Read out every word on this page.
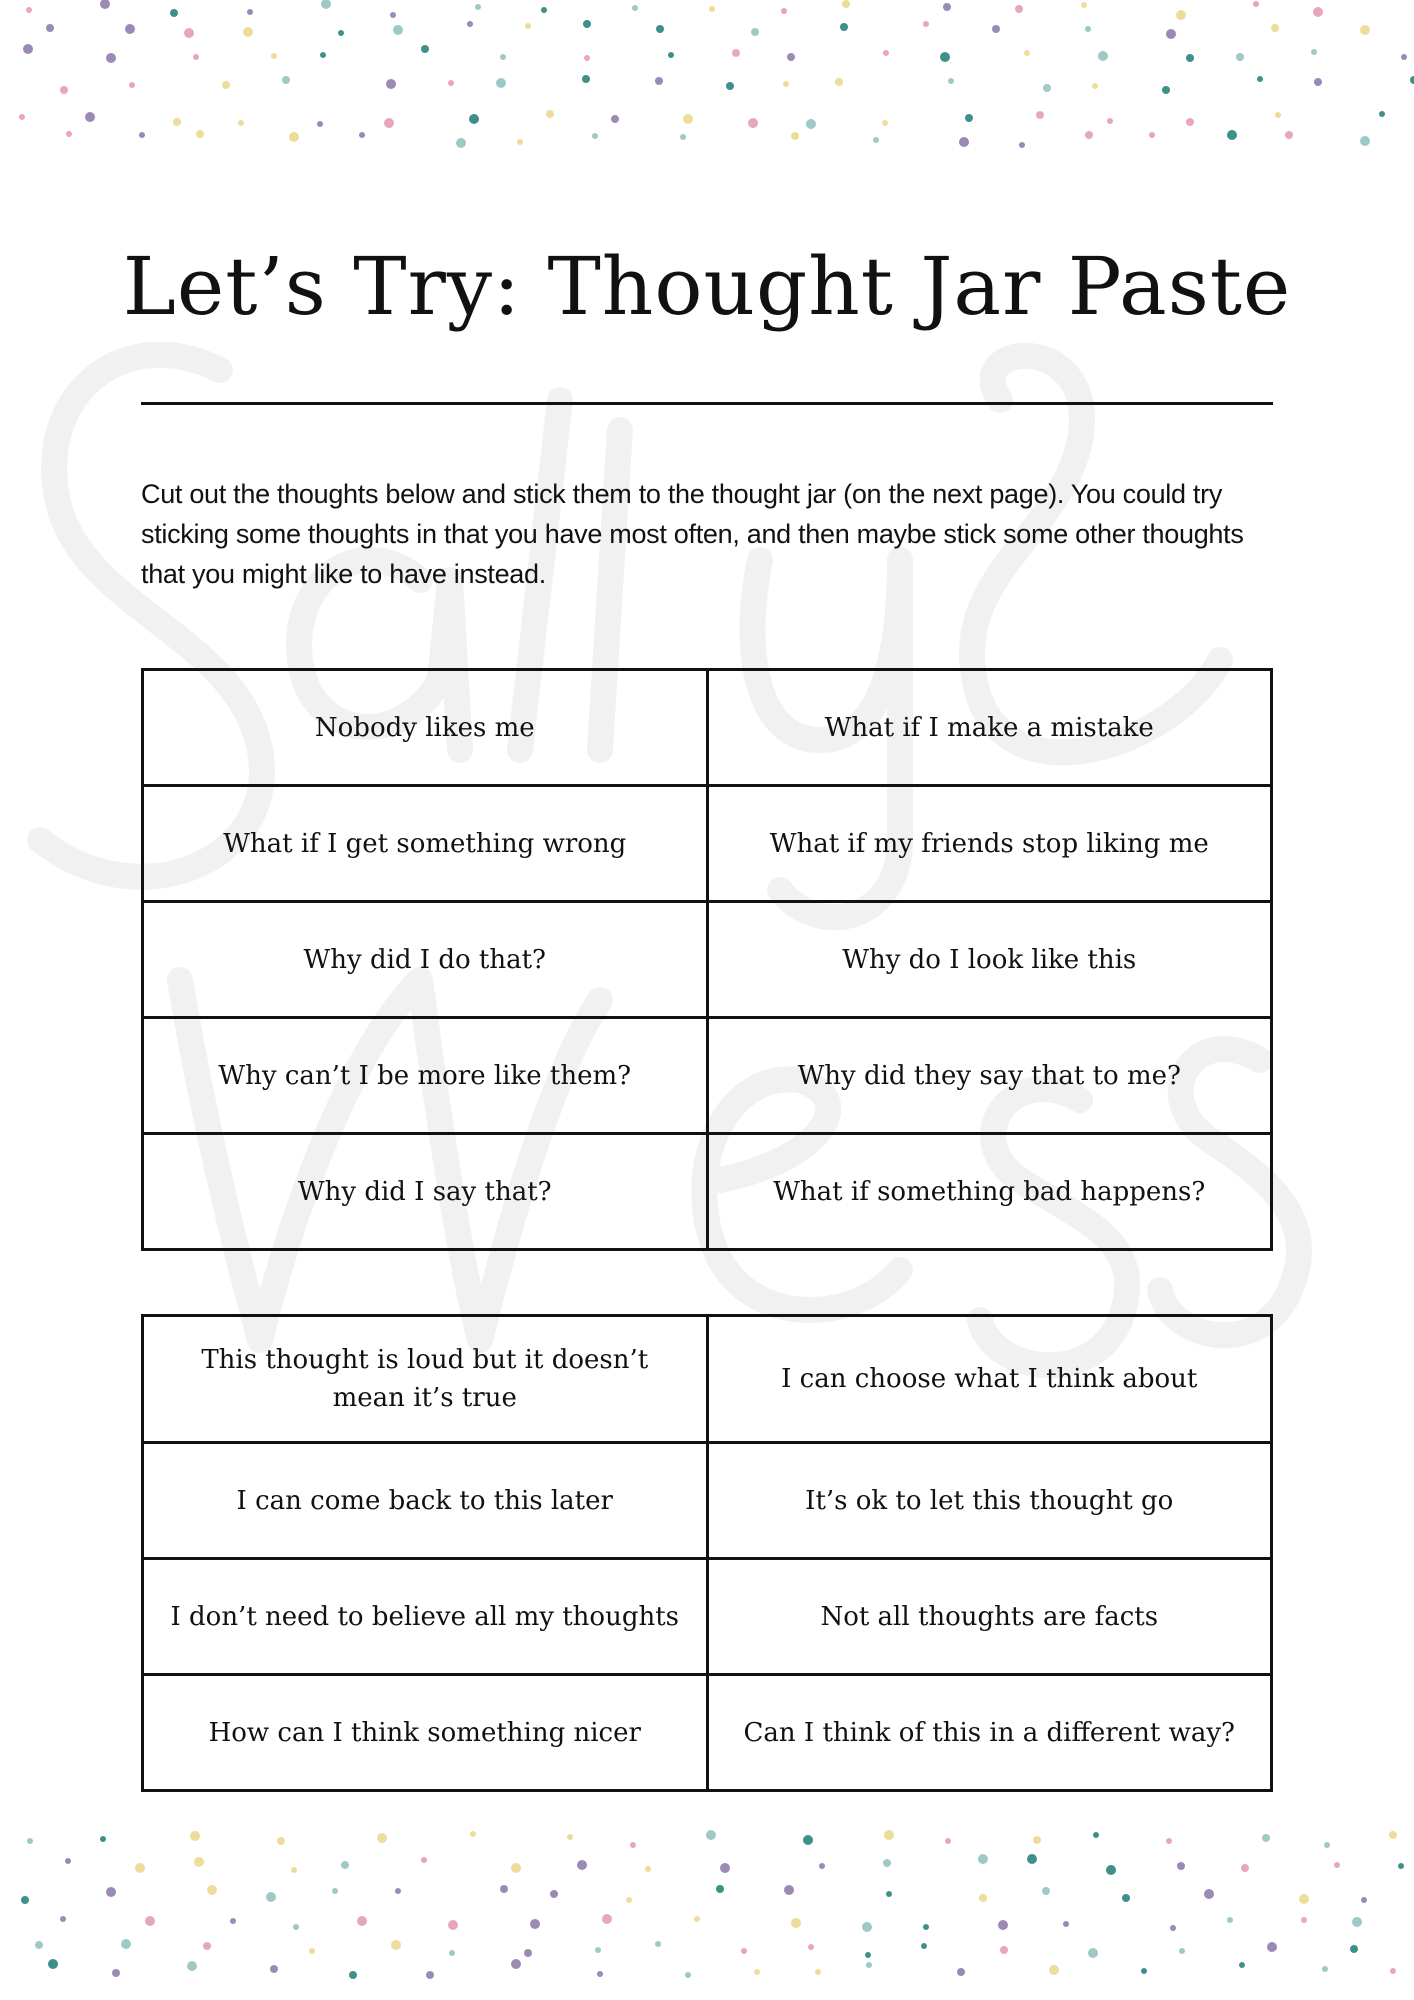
Let’s Try: Thought Jar Paste

Cut out the thoughts below and stick them to the thought jar (on the next page). You could try sticking some thoughts in that you have most often, and then maybe stick some other thoughts that you might like to have instead.

Nobody likes me	What if I make a mistake
What if I get something wrong	What if my friends stop liking me
Why did I do that?	Why do I look like this
Why can’t I be more like them?	Why did they say that to me?
Why did I say that?	What if something bad happens?
This thought is loud but it doesn’t mean it’s true	I can choose what I think about
I can come back to this later	It’s ok to let this thought go
I don’t need to believe all my thoughts	Not all thoughts are facts
How can I think something nicer	Can I think of this in a different way?
